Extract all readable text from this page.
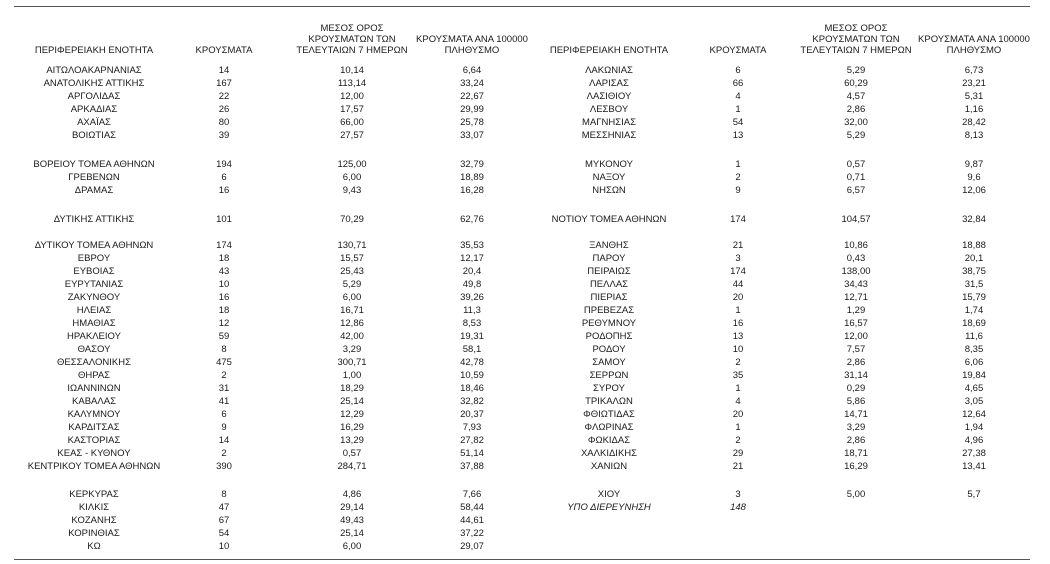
ΠΕΡΙΦΕΡΕΙΑΚΗ ΕΝΟΤΗΤΑ	ΚΡΟΥΣΜΑΤΑ
ΜΕΣΟΣ ΟΡΟΣ ΚΡΟΥΣΜΑΤΩΝ ΤΩΝ ΤΕΛΕΥΤΑΙΩΝ 7 ΗΜΕΡΩΝ
ΚΡΟΥΣΜΑΤΑ ΑΝΑ 100000 ΠΛΗΘΥΣΜΟ
ΑΙΤΩΛΟΑΚΑΡΝΑΝΙΑΣ	14	10,14	6,64
ΑΝΑΤΟΛΙΚΗΣ ΑΤΤΙΚΗΣ	167	113,14	33,24
ΑΡΓΟΛΙΔΑΣ	22	12,00	22,67
ΑΡΚΑΔΙΑΣ	26	17,57	29,99
ΑΧΑΪΑΣ	80	66,00	25,78
ΒΟΙΩΤΙΑΣ	39	27,57	33,07
ΒΟΡΕΙΟΥ ΤΟΜΕΑ ΑΘΗΝΩΝ	194	125,00	32,79
ΓΡΕΒΕΝΩΝ	6	6,00	18,89
ΔΡΑΜΑΣ	16	9,43	16,28
ΔΥΤΙΚΗΣ ΑΤΤΙΚΗΣ	101	70,29	62,76
ΔΥΤΙΚΟΥ ΤΟΜΕΑ ΑΘΗΝΩΝ	174	130,71	35,53
ΕΒΡΟΥ	18	15,57	12,17
ΕΥΒΟΙΑΣ	43	25,43	20,4
ΕΥΡΥΤΑΝΙΑΣ	10	5,29	49,8
ΖΑΚΥΝΘΟΥ	16	6,00	39,26
ΗΛΕΙΑΣ	18	16,71	11,3
ΗΜΑΘΙΑΣ	12	12,86	8,53
ΗΡΑΚΛΕΙΟΥ	59	42,00	19,31
ΘΑΣΟΥ	8	3,29	58,1
ΘΕΣΣΑΛΟΝΙΚΗΣ	475	300,71	42,78
ΘΗΡΑΣ	2	1,00	10,59
ΙΩΑΝΝΙΝΩΝ	31	18,29	18,46
ΚΑΒΑΛΑΣ	41	25,14	32,82
ΚΑΛΥΜΝΟΥ	6	12,29	20,37
ΚΑΡΔΙΤΣΑΣ	9	16,29	7,93
ΚΑΣΤΟΡΙΑΣ	14	13,29	27,82
ΚΕΑΣ - ΚΥΘΝΟΥ	2	0,57	51,14
ΚΕΝΤΡΙΚΟΥ ΤΟΜΕΑ ΑΘΗΝΩΝ	390	284,71	37,88
ΚΕΡΚΥΡΑΣ	8	4,86	7,66
ΚΙΛΚΙΣ	47	29,14	58,44
ΚΟΖΑΝΗΣ	67	49,43	44,61
ΚΟΡΙΝΘΙΑΣ	54	25,14	37,22
ΚΩ	10	6,00	29,07
ΠΕΡΙΦΕΡΕΙΑΚΗ ΕΝΟΤΗΤΑ	ΚΡΟΥΣΜΑΤΑ
ΜΕΣΟΣ ΟΡΟΣ ΚΡΟΥΣΜΑΤΩΝ ΤΩΝ ΤΕΛΕΥΤΑΙΩΝ 7 ΗΜΕΡΩΝ
ΚΡΟΥΣΜΑΤΑ ΑΝΑ 100000 ΠΛΗΘΥΣΜΟ
ΛΑΚΩΝΙΑΣ	6	5,29	6,73
ΛΑΡΙΣΑΣ	66	60,29	23,21
ΛΑΣΙΘΙΟΥ	4	4,57	5,31
ΛΕΣΒΟΥ	1	2,86	1,16
ΜΑΓΝΗΣΙΑΣ	54	32,00	28,42
ΜΕΣΣΗΝΙΑΣ	13	5,29	8,13
ΜΥΚΟΝΟΥ	1	0,57	9,87
ΝΑΞΟΥ	2	0,71	9,6
ΝΗΣΩΝ	9	6,57	12,06
ΝΟΤΙΟΥ ΤΟΜΕΑ ΑΘΗΝΩΝ	174	104,57	32,84
ΞΑΝΘΗΣ	21	10,86	18,88
ΠΑΡΟΥ	3	0,43	20,1
ΠΕΙΡΑΙΩΣ	174	138,00	38,75
ΠΕΛΛΑΣ	44	34,43	31,5
ΠΙΕΡΙΑΣ	20	12,71	15,79
ΠΡΕΒΕΖΑΣ	1	1,29	1,74
ΡΕΘΥΜΝΟΥ	16	16,57	18,69
ΡΟΔΟΠΗΣ	13	12,00	11,6
ΡΟΔΟΥ	10	7,57	8,35
ΣΑΜΟΥ	2	2,86	6,06
ΣΕΡΡΩΝ	35	31,14	19,84
ΣΥΡΟΥ	1	0,29	4,65
ΤΡΙΚΑΛΩΝ	4	5,86	3,05
ΦΘΙΩΤΙΔΑΣ	20	14,71	12,64
ΦΛΩΡΙΝΑΣ	1	3,29	1,94
ΦΩΚΙΔΑΣ	2	2,86	4,96
ΧΑΛΚΙΔΙΚΗΣ	29	18,71	27,38
ΧΑΝΙΩΝ	21	16,29	13,41
ΧΙΟΥ	3	5,00	5,7
ΥΠΟ ΔΙΕΡΕΥΝΗΣΗ	148
